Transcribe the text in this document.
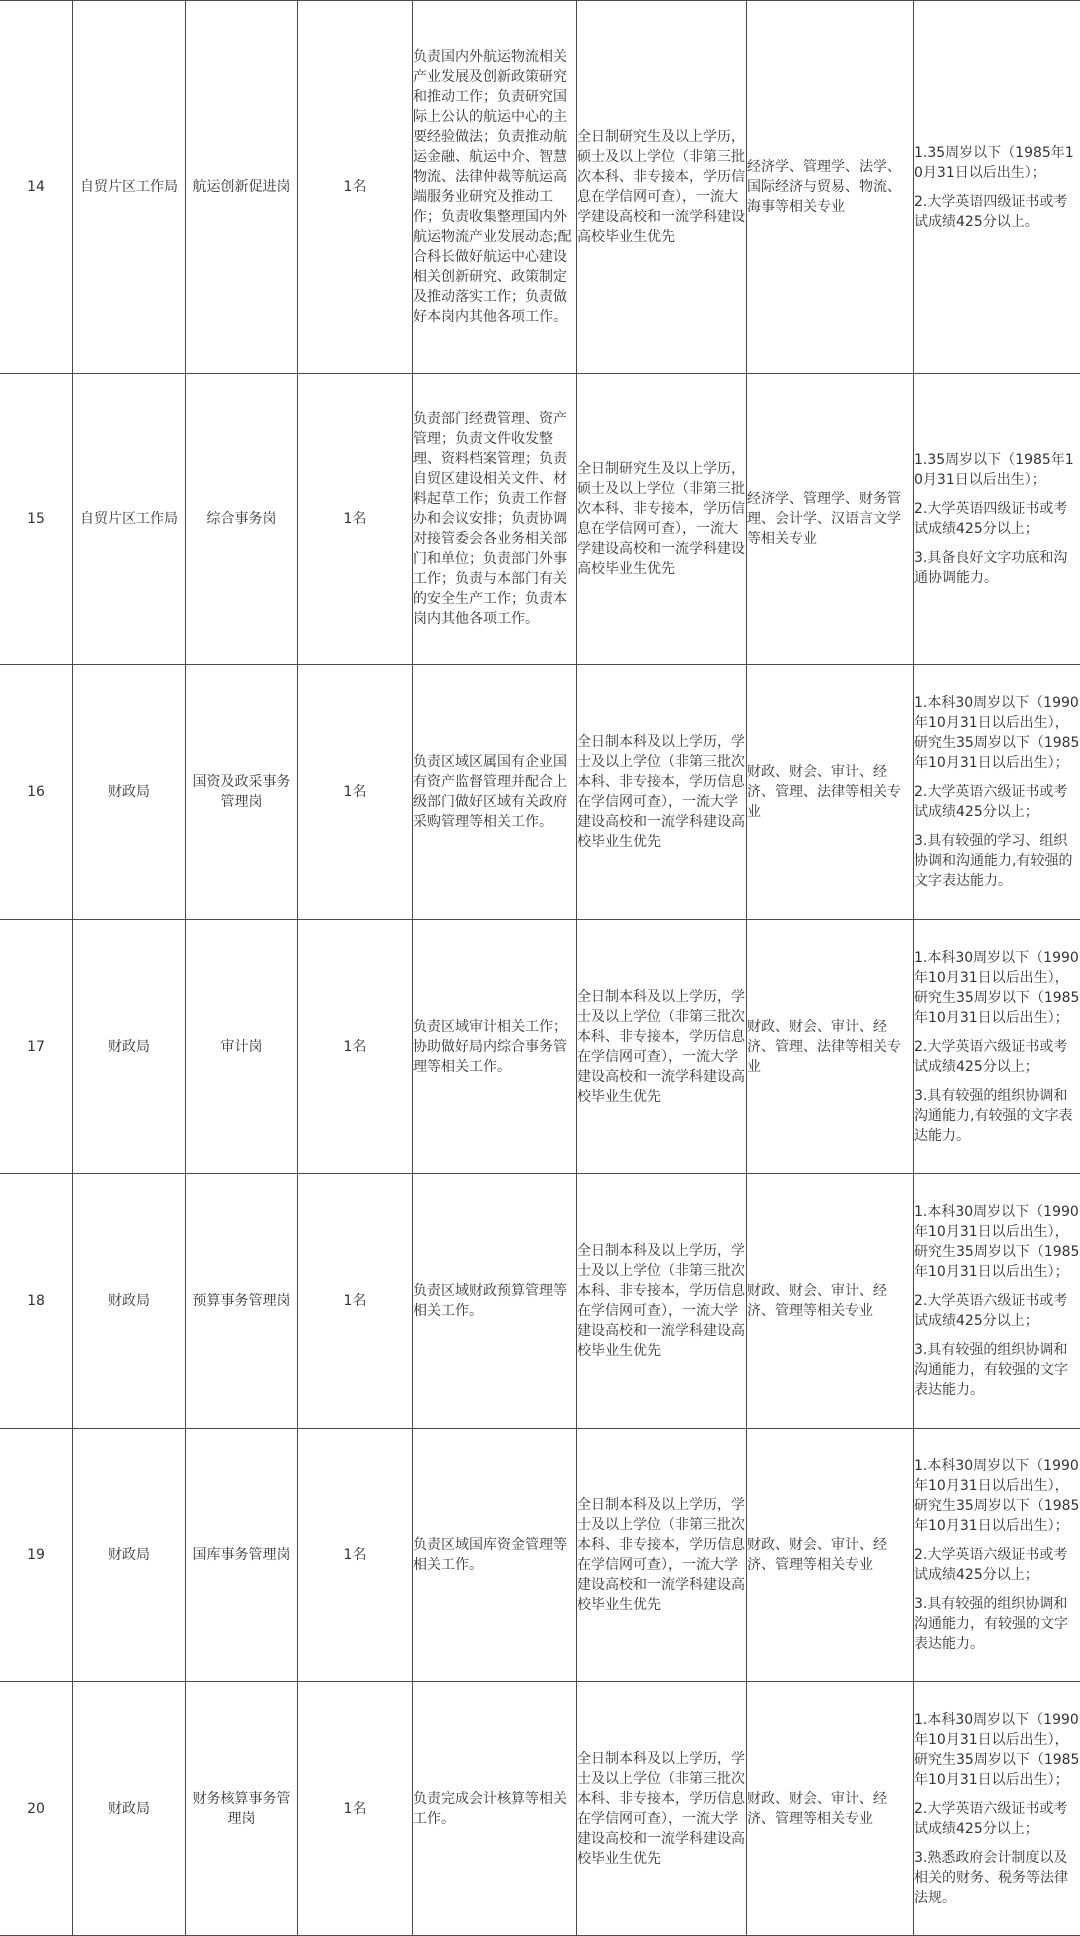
14	自贸片区工作局	航运创新促进岗	1名	负责国内外航运物流相关产业发展及创新政策研究和推动工作；负责研究国际上公认的航运中心的主要经验做法；负责推动航运金融、航运中介、智慧物流、法律仲裁等航运高端服务业研究及推动工作；负责收集整理国内外航运物流产业发展动态;配合科长做好航运中心建设相关创新研究、政策制定及推动落实工作；负责做好本岗内其他各项工作。	全日制研究生及以上学历，硕士及以上学位（非第三批次本科、非专接本，学历信息在学信网可查），一流大学建设高校和一流学科建设高校毕业生优先	经济学、管理学、法学、国际经济与贸易、物流、海事等相关专业	1.35周岁以下（1985年10月31日以后出生）；
2.大学英语四级证书或考试成绩425分以上。

15	自贸片区工作局	综合事务岗	1名	负责部门经费管理、资产管理；负责文件收发整理、资料档案管理；负责自贸区建设相关文件、材料起草工作；负责工作督办和会议安排；负责协调对接管委会各业务相关部门和单位；负责部门外事工作；负责与本部门有关的安全生产工作；负责本岗内其他各项工作。	全日制研究生及以上学历，硕士及以上学位（非第三批次本科、非专接本，学历信息在学信网可查），一流大学建设高校和一流学科建设高校毕业生优先	经济学、管理学、财务管理、会计学、汉语言文学等相关专业	1.35周岁以下（1985年10月31日以后出生）；
2.大学英语四级证书或考试成绩425分以上；
3.具备良好文字功底和沟通协调能力。

16	财政局	国资及政采事务管理岗	1名	负责区域区属国有企业国有资产监督管理并配合上级部门做好区域有关政府采购管理等相关工作。	全日制本科及以上学历，学士及以上学位（非第三批次本科、非专接本，学历信息在学信网可查），一流大学建设高校和一流学科建设高校毕业生优先	财政、财会、审计、经济、管理、法律等相关专业	1.本科30周岁以下（1990年10月31日以后出生），研究生35周岁以下（1985年10月31日以后出生）；
2.大学英语六级证书或考试成绩425分以上；
3.具有较强的学习、组织协调和沟通能力,有较强的文字表达能力。

17	财政局	审计岗	1名	负责区域审计相关工作；协助做好局内综合事务管理等相关工作。	全日制本科及以上学历，学士及以上学位（非第三批次本科、非专接本，学历信息在学信网可查），一流大学建设高校和一流学科建设高校毕业生优先	财政、财会、审计、经济、管理、法律等相关专业	1.本科30周岁以下（1990年10月31日以后出生），研究生35周岁以下（1985年10月31日以后出生）；
2.大学英语六级证书或考试成绩425分以上；
3.具有较强的组织协调和沟通能力,有较强的文字表达能力。

18	财政局	预算事务管理岗	1名	负责区域财政预算管理等相关工作。	全日制本科及以上学历，学士及以上学位（非第三批次本科、非专接本，学历信息在学信网可查），一流大学建设高校和一流学科建设高校毕业生优先	财政、财会、审计、经济、管理等相关专业	1.本科30周岁以下（1990年10月31日以后出生），研究生35周岁以下（1985年10月31日以后出生）；
2.大学英语六级证书或考试成绩425分以上；
3.具有较强的组织协调和沟通能力，有较强的文字表达能力。

19	财政局	国库事务管理岗	1名	负责区域国库资金管理等相关工作。	全日制本科及以上学历，学士及以上学位（非第三批次本科、非专接本，学历信息在学信网可查），一流大学建设高校和一流学科建设高校毕业生优先	财政、财会、审计、经济、管理等相关专业	1.本科30周岁以下（1990年10月31日以后出生），研究生35周岁以下（1985年10月31日以后出生）；
2.大学英语六级证书或考试成绩425分以上；
3.具有较强的组织协调和沟通能力，有较强的文字表达能力。

20	财政局	财务核算事务管理岗	1名	负责完成会计核算等相关工作。	全日制本科及以上学历，学士及以上学位（非第三批次本科、非专接本，学历信息在学信网可查），一流大学建设高校和一流学科建设高校毕业生优先	财政、财会、审计、经济、管理等相关专业	1.本科30周岁以下（1990年10月31日以后出生），研究生35周岁以下（1985年10月31日以后出生）；
2.大学英语六级证书或考试成绩425分以上；
3.熟悉政府会计制度以及相关的财务、税务等法律法规。
